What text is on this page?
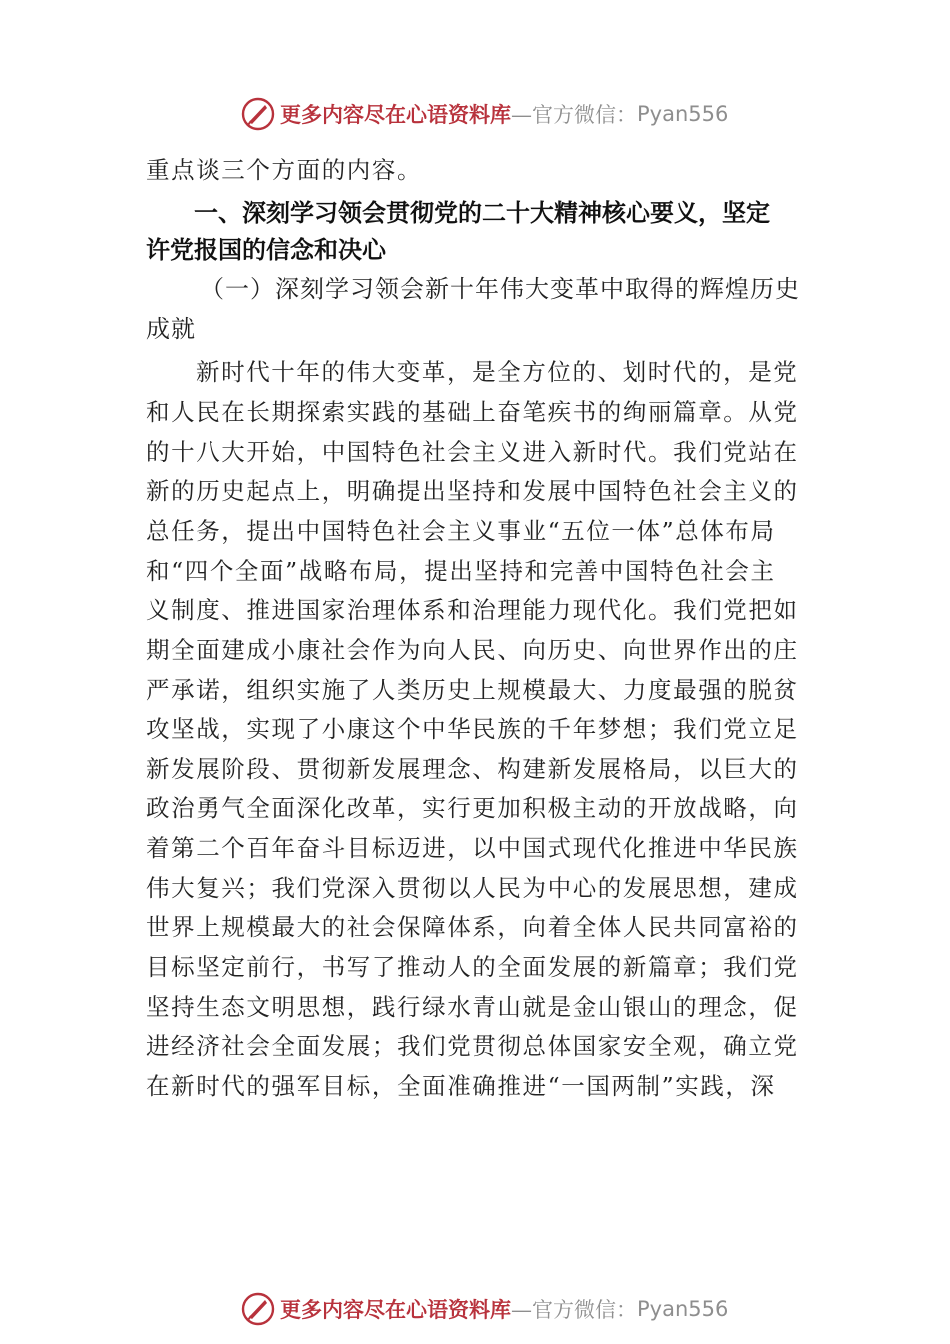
更多内容尽在心语资料库 —官方微信： Pyan556
重点谈三个方面的内容。
一、深刻学习领会贯彻党的二十大精神核心要义，坚定
许党报国的信念和决心
（一）深刻学习领会新十年伟大变革中取得的辉煌历史
成就
新时代十年的伟大变革，是全方位的、划时代的，是党
和人民在长期探索实践的基础上奋笔疾书的绚丽篇章。从党
的十八大开始，中国特色社会主义进入新时代。我们党站在
新的历史起点上，明确提出坚持和发展中国特色社会主义的
总任务，提出中国特色社会主义事业“五位一体”总体布局
和“四个全面”战略布局，提出坚持和完善中国特色社会主
义制度、推进国家治理体系和治理能力现代化。我们党把如
期全面建成小康社会作为向人民、向历史、向世界作出的庄
严承诺，组织实施了人类历史上规模最大、力度最强的脱贫
攻坚战，实现了小康这个中华民族的千年梦想；我们党立足
新发展阶段、贯彻新发展理念、构建新发展格局，以巨大的
政治勇气全面深化改革，实行更加积极主动的开放战略，向
着第二个百年奋斗目标迈进，以中国式现代化推进中华民族
伟大复兴；我们党深入贯彻以人民为中心的发展思想，建成
世界上规模最大的社会保障体系，向着全体人民共同富裕的
目标坚定前行，书写了推动人的全面发展的新篇章；我们党
坚持生态文明思想，践行绿水青山就是金山银山的理念，促
进经济社会全面发展；我们党贯彻总体国家安全观，确立党
在新时代的强军目标，全面准确推进“一国两制”实践，深
更多内容尽在心语资料库 —官方微信： Pyan556
